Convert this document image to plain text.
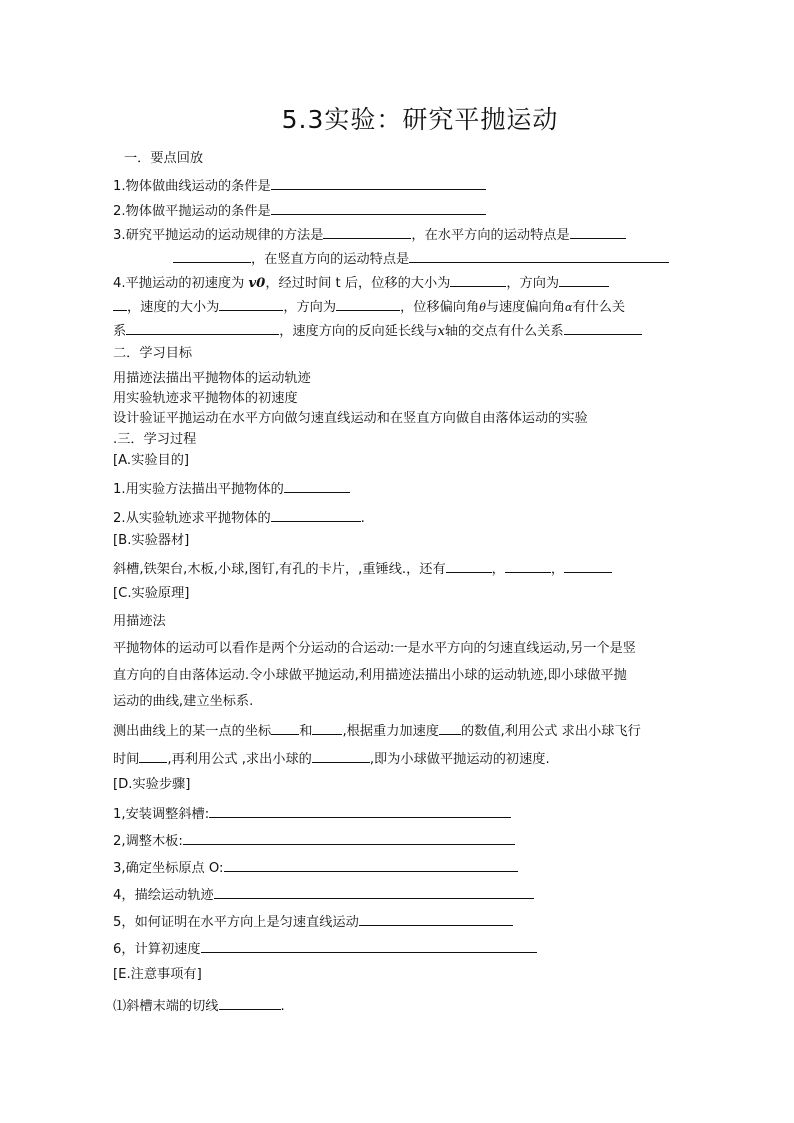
5.3实验：研究平抛运动
一．要点回放
1.物体做曲线运动的条件是
2.物体做平抛运动的条件是
3.研究平抛运动的运动规律的方法是	，在水平方向的运动特点是
，在竖直方向的运动特点是
4.平抛运动的初速度为 v0，经过时间 t 后，位移的大小为	，方向为
，速度的大小为	，方向为	，位移偏向角θ与速度偏向角α有什么关
系	，速度方向的反向延长线与x轴的交点有什么关系
二．学习目标
用描迹法描出平抛物体的运动轨迹
用实验轨迹求平抛物体的初速度
设计验证平抛运动在水平方向做匀速直线运动和在竖直方向做自由落体运动的实验
.三．学习过程
[A.实验目的]
1.用实验方法描出平抛物体的
2.从实验轨迹求平抛物体的	.
[B.实验器材]
斜槽,铁架台,木板,小球,图钉,有孔的卡片，,重锤线.，还有	，	，
[C.实验原理]
用描迹法
平抛物体的运动可以看作是两个分运动的合运动:一是水平方向的匀速直线运动,另一个是竖
直方向的自由落体运动.令小球做平抛运动,利用描迹法描出小球的运动轨迹,即小球做平抛
运动的曲线,建立坐标系.
测出曲线上的某一点的坐标 和 ,根据重力加速度 的数值,利用公式 求出小球飞行
时间 ,再利用公式 ,求出小球的	,即为小球做平抛运动的初速度.
[D.实验步骤]
1,安装调整斜槽:
2,调整木板:
3,确定坐标原点 O:
4，描绘运动轨迹
5，如何证明在水平方向上是匀速直线运动
6，计算初速度
[E.注意事项有]
⑴斜槽末端的切线	.
